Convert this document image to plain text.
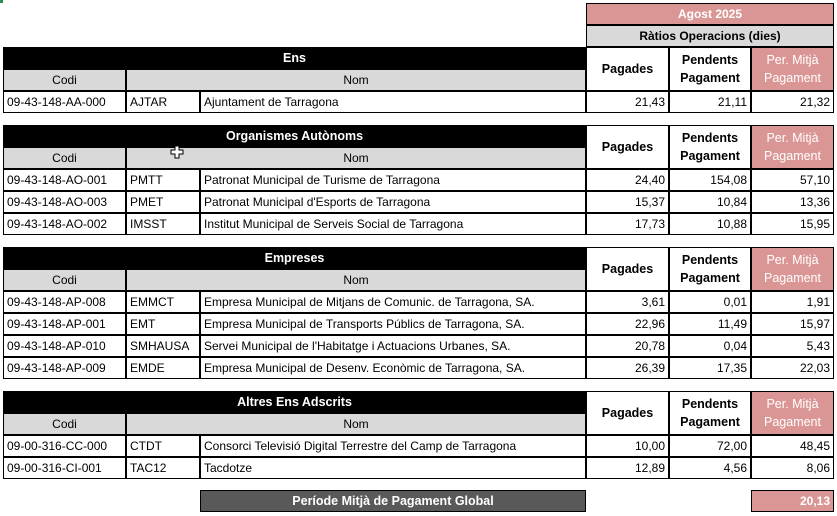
Agost 2025
Ràtios Operacions (dies)
Ens
Codi	Nom
Pagades
Pendents Pagament
Per. Mitjà Pagament
09-43-148-AA-000	AJTAR	Ajuntament de Tarragona	21,43	21,11	21,32
Organismes Autònoms
Codi	Nom
Pagades
Pendents Pagament
Per. Mitjà Pagament
09-43-148-AO-001	PMTT	Patronat Municipal de Turisme de Tarragona	24,40	154,08	57,10
09-43-148-AO-003	PMET	Patronat Municipal d'Esports de Tarragona	15,37	10,84	13,36
09-43-148-AO-002	IMSST	Institut Municipal de Serveis Social de Tarragona	17,73	10,88	15,95
Empreses
Codi	Nom
Pagades
Pendents Pagament
Per. Mitjà Pagament
09-43-148-AP-008	EMMCT	Empresa Municipal de Mitjans de Comunic. de Tarragona, SA.	3,61	0,01	1,91
09-43-148-AP-001	EMT	Empresa Municipal de Transports Públics de Tarragona, SA.	22,96	11,49	15,97
09-43-148-AP-010	SMHAUSA	Servei Municipal de l'Habitatge i Actuacions Urbanes, SA.	20,78	0,04	5,43
09-43-148-AP-009	EMDE	Empresa Municipal de Desenv. Econòmic de Tarragona, SA.	26,39	17,35	22,03
Altres Ens Adscrits
Codi	Nom
Pagades
Pendents Pagament
Per. Mitjà Pagament
09-00-316-CC-000	CTDT	Consorci Televisió Digital Terrestre del Camp de Tarragona	10,00	72,00	48,45
09-00-316-CI-001	TAC12	Tacdotze	12,89	4,56	8,06
Període Mitjà de Pagament Global	20,13
